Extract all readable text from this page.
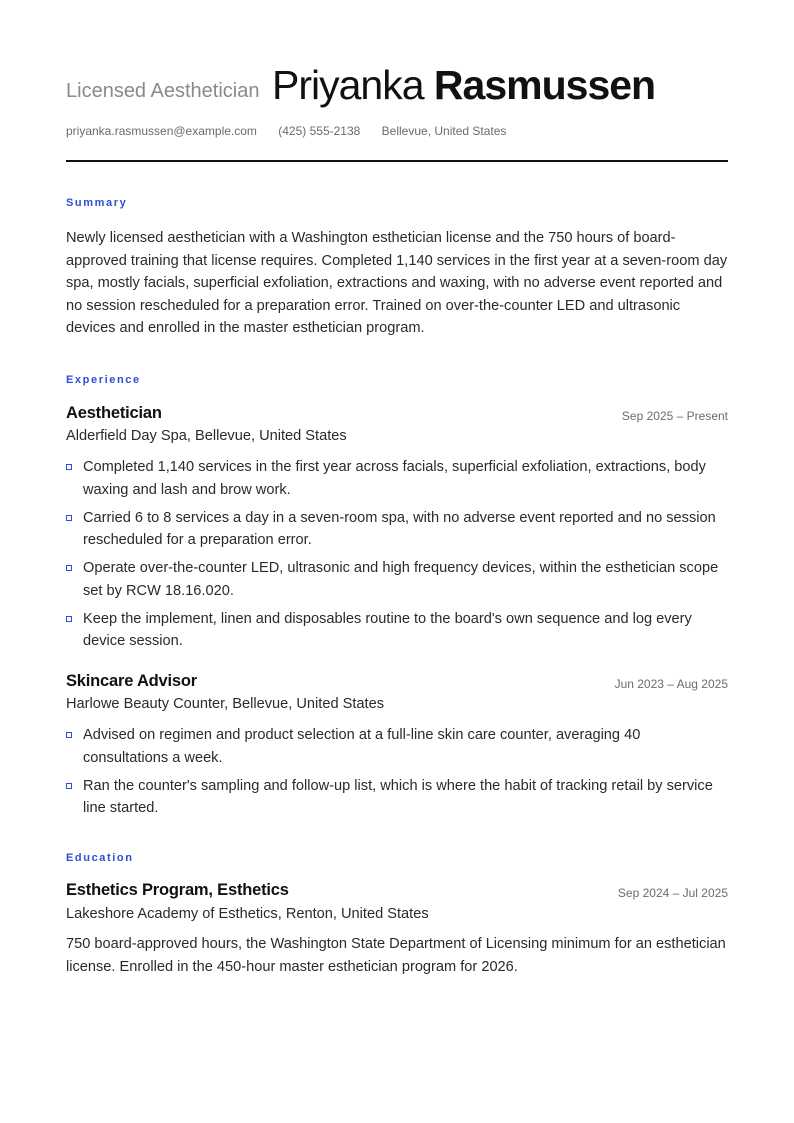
Licensed Aesthetician Priyanka Rasmussen
priyanka.rasmussen@example.com (425) 555-2138 Bellevue, United States
Summary
Newly licensed aesthetician with a Washington esthetician license and the 750 hours of board-approved training that license requires. Completed 1,140 services in the first year at a seven-room day spa, mostly facials, superficial exfoliation, extractions and waxing, with no adverse event reported and no session rescheduled for a preparation error. Trained on over-the-counter LED and ultrasonic devices and enrolled in the master esthetician program.
Experience
Aesthetician	Sep 2025 – Present
Alderfield Day Spa, Bellevue, United States
Completed 1,140 services in the first year across facials, superficial exfoliation, extractions, body waxing and lash and brow work.
Carried 6 to 8 services a day in a seven-room spa, with no adverse event reported and no session rescheduled for a preparation error.
Operate over-the-counter LED, ultrasonic and high frequency devices, within the esthetician scope set by RCW 18.16.020.
Keep the implement, linen and disposables routine to the board's own sequence and log every device session.
Skincare Advisor	Jun 2023 – Aug 2025
Harlowe Beauty Counter, Bellevue, United States
Advised on regimen and product selection at a full-line skin care counter, averaging 40 consultations a week.
Ran the counter's sampling and follow-up list, which is where the habit of tracking retail by service line started.
Education
Esthetics Program, Esthetics	Sep 2024 – Jul 2025
Lakeshore Academy of Esthetics, Renton, United States
750 board-approved hours, the Washington State Department of Licensing minimum for an esthetician license. Enrolled in the 450-hour master esthetician program for 2026.
